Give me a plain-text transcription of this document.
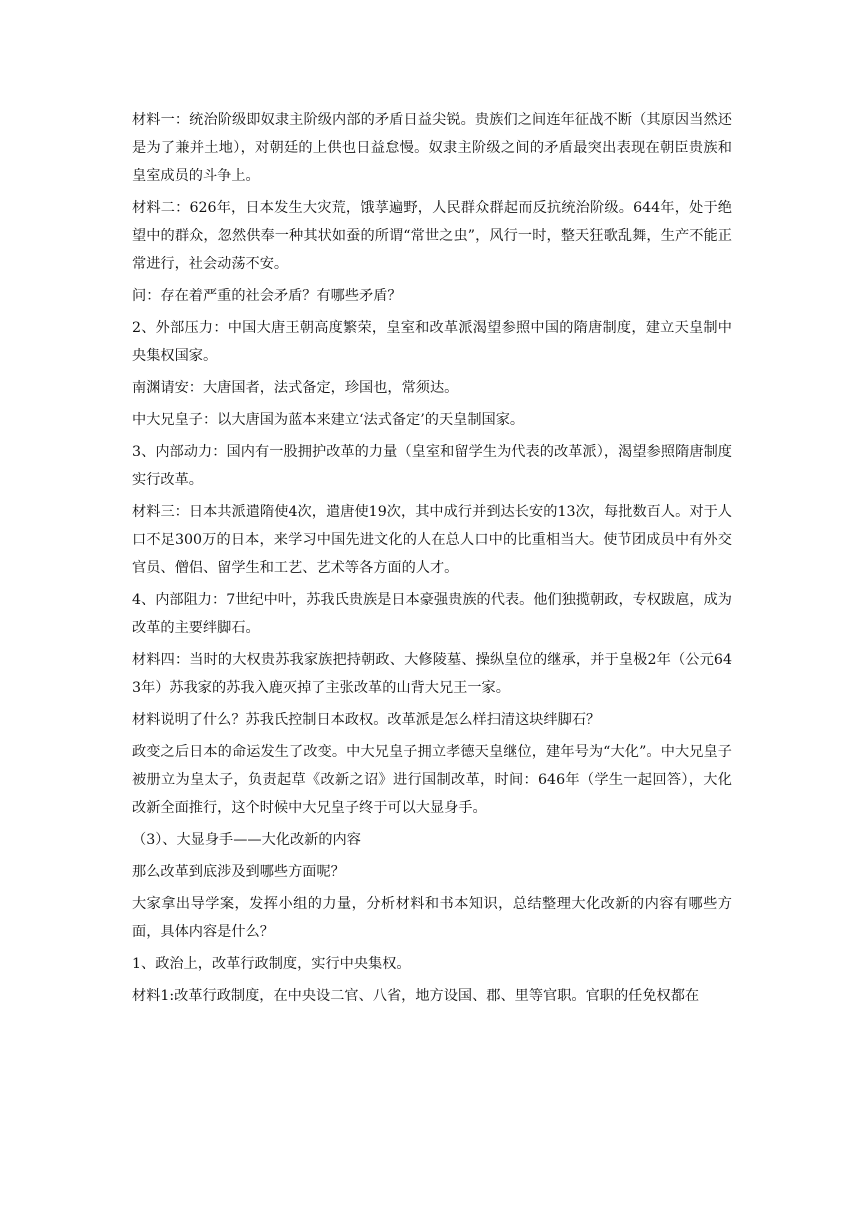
材料一：统治阶级即奴隶主阶级内部的矛盾日益尖锐。贵族们之间连年征战不断（其原因当然还是为了兼并土地），对朝廷的上供也日益怠慢。奴隶主阶级之间的矛盾最突出表现在朝臣贵族和皇室成员的斗争上。

材料二：626年，日本发生大灾荒，饿莩遍野，人民群众群起而反抗统治阶级。644年，处于绝望中的群众，忽然供奉一种其状如蚕的所谓“常世之虫”，风行一时，整天狂歌乱舞，生产不能正常进行，社会动荡不安。

问：存在着严重的社会矛盾？有哪些矛盾？

2、外部压力：中国大唐王朝高度繁荣，皇室和改革派渴望参照中国的隋唐制度，建立天皇制中央集权国家。

南渊请安：大唐国者，法式备定，珍国也，常须达。

中大兄皇子：以大唐国为蓝本来建立‘法式备定’的天皇制国家。

3、内部动力：国内有一股拥护改革的力量（皇室和留学生为代表的改革派），渴望参照隋唐制度实行改革。

材料三：日本共派遣隋使4次，遣唐使19次，其中成行并到达长安的13次，每批数百人。对于人口不足300万的日本，来学习中国先进文化的人在总人口中的比重相当大。使节团成员中有外交官员、僧侣、留学生和工艺、艺术等各方面的人才。

4、内部阻力：7世纪中叶，苏我氏贵族是日本豪强贵族的代表。他们独揽朝政，专权跋扈，成为改革的主要绊脚石。

材料四：当时的大权贵苏我家族把持朝政、大修陵墓、操纵皇位的继承，并于皇极2年（公元643年）苏我家的苏我入鹿灭掉了主张改革的山背大兄王一家。

材料说明了什么？苏我氏控制日本政权。改革派是怎么样扫清这块绊脚石？

政变之后日本的命运发生了改变。中大兄皇子拥立孝德天皇继位，建年号为“大化”。中大兄皇子被册立为皇太子，负责起草《改新之诏》进行国制改革，时间：646年（学生一起回答），大化改新全面推行，这个时候中大兄皇子终于可以大显身手。

（3）、大显身手——大化改新的内容

那么改革到底涉及到哪些方面呢？

大家拿出导学案，发挥小组的力量，分析材料和书本知识，总结整理大化改新的内容有哪些方面，具体内容是什么？

1、政治上，改革行政制度，实行中央集权。

材料1:改革行政制度，在中央设二官、八省，地方设国、郡、里等官职。官职的任免权都在
